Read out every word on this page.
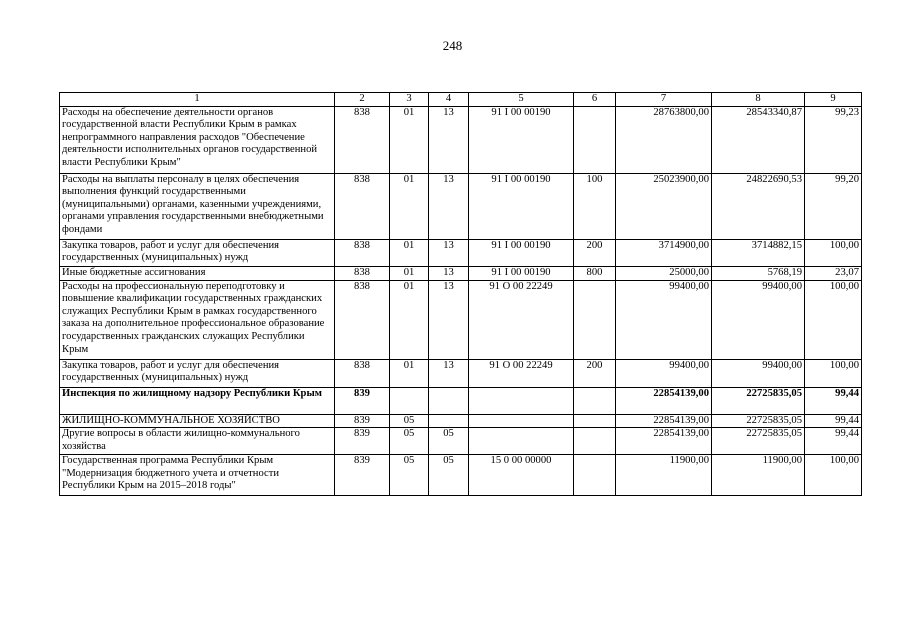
248
1	2	3	4	5	6	7	8	9
Расходы на обеспечение деятельности органов государственной власти Республики Крым в рамках непрограммного направления расходов "Обеспечение деятельности исполнительных органов государственной власти Республики Крым"	838	01	13	91 I 00 00190		28763800,00	28543340,87	99,23
Расходы на выплаты персоналу в целях обеспечения выполнения функций государственными (муниципальными) органами, казенными учреждениями, органами управления государственными внебюджетными фондами	838	01	13	91 I 00 00190	100	25023900,00	24822690,53	99,20
Закупка товаров, работ и услуг для обеспечения государственных (муниципальных) нужд	838	01	13	91 I 00 00190	200	3714900,00	3714882,15	100,00
Иные бюджетные ассигнования	838	01	13	91 I 00 00190	800	25000,00	5768,19	23,07
Расходы на профессиональную переподготовку и повышение квалификации государственных гражданских служащих Республики Крым в рамках государственного заказа на дополнительное профессиональное образование государственных гражданских служащих Республики Крым	838	01	13	91 О 00 22249		99400,00	99400,00	100,00
Закупка товаров, работ и услуг для обеспечения государственных (муниципальных) нужд	838	01	13	91 О 00 22249	200	99400,00	99400,00	100,00
Инспекция по жилищному надзору Республики Крым	839					22854139,00	22725835,05	99,44
ЖИЛИЩНО-КОММУНАЛЬНОЕ ХОЗЯЙСТВО	839	05				22854139,00	22725835,05	99,44
Другие вопросы в области жилищно-коммунального хозяйства	839	05	05			22854139,00	22725835,05	99,44
Государственная программа Республики Крым "Модернизация бюджетного учета и отчетности Республики Крым на 2015–2018 годы"	839	05	05	15 0 00 00000		11900,00	11900,00	100,00
